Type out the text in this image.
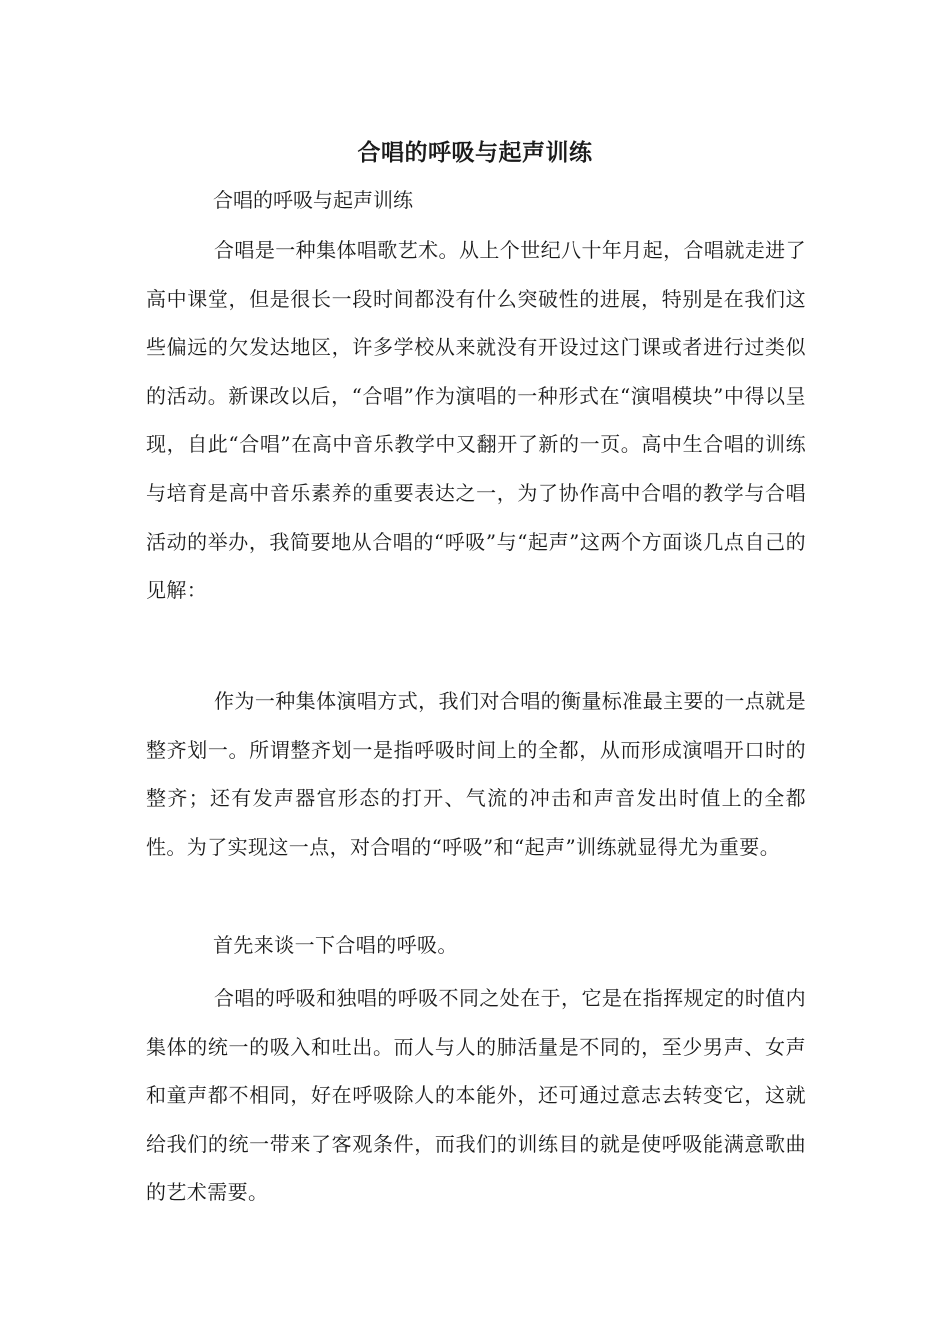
合唱的呼吸与起声训练
合唱的呼吸与起声训练

合唱是一种集体唱歌艺术。从上个世纪八十年月起，合唱就走进了高中课堂，但是很长一段时间都没有什么突破性的进展，特别是在我们这些偏远的欠发达地区，许多学校从来就没有开设过这门课或者进行过类似的活动。新课改以后，“合唱”作为演唱的一种形式在“演唱模块”中得以呈现，自此“合唱”在高中音乐教学中又翻开了新的一页。高中生合唱的训练与培育是高中音乐素养的重要表达之一，为了协作高中合唱的教学与合唱活动的举办，我简要地从合唱的“呼吸”与“起声”这两个方面谈几点自己的见解：

作为一种集体演唱方式，我们对合唱的衡量标准最主要的一点就是整齐划一。所谓整齐划一是指呼吸时间上的全都，从而形成演唱开口时的整齐；还有发声器官形态的打开、气流的冲击和声音发出时值上的全都性。为了实现这一点，对合唱的“呼吸”和“起声”训练就显得尤为重要。

首先来谈一下合唱的呼吸。

合唱的呼吸和独唱的呼吸不同之处在于，它是在指挥规定的时值内集体的统一的吸入和吐出。而人与人的肺活量是不同的，至少男声、女声和童声都不相同，好在呼吸除人的本能外，还可通过意志去转变它，这就给我们的统一带来了客观条件，而我们的训练目的就是使呼吸能满意歌曲的艺术需要。
